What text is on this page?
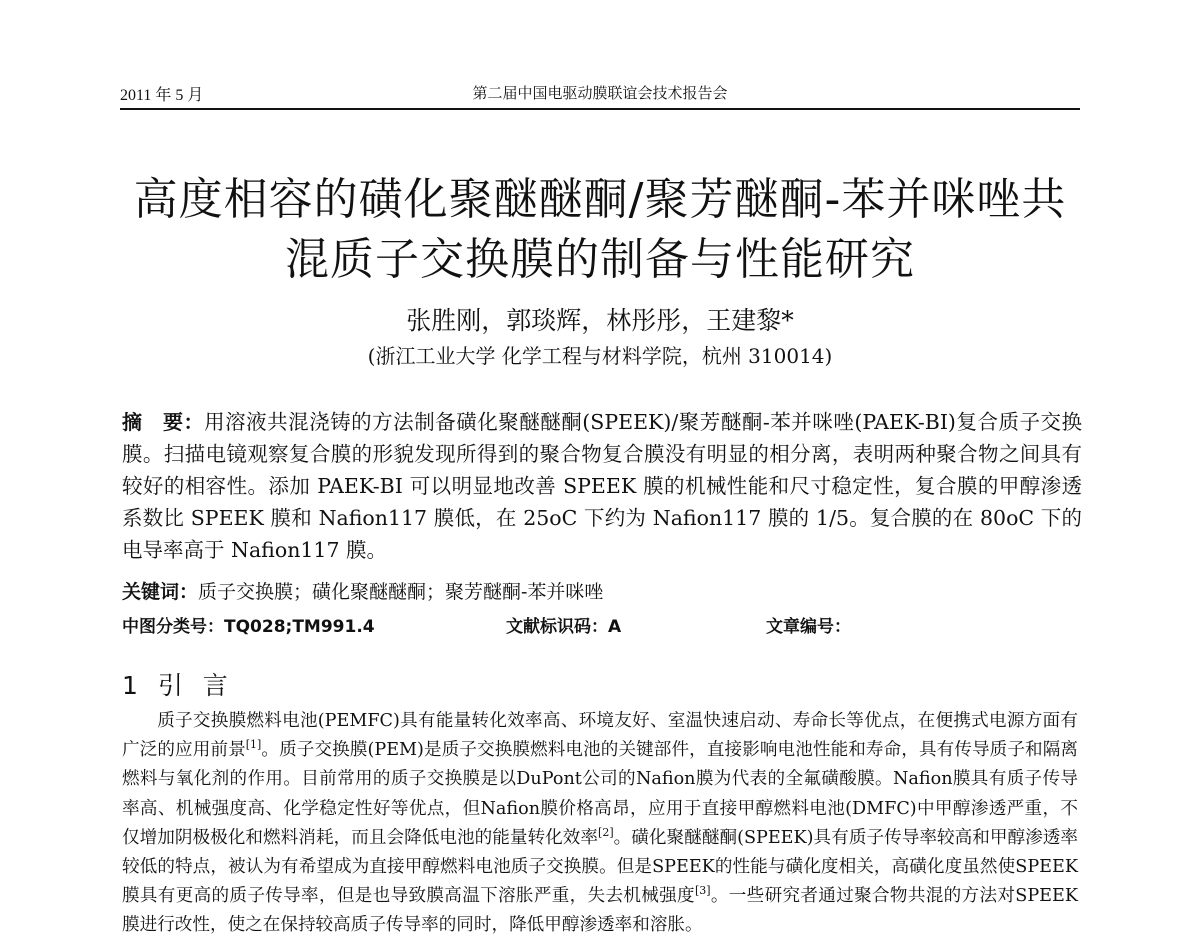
2011 年 5 月	第二届中国电驱动膜联谊会技术报告会
高度相容的磺化聚醚醚酮/聚芳醚酮-苯并咪唑共
混质子交换膜的制备与性能研究
张胜刚，郭琰辉，林彤彤，王建黎*
(浙江工业大学 化学工程与材料学院，杭州 310014)
摘　要：用溶液共混浇铸的方法制备磺化聚醚醚酮(SPEEK)/聚芳醚酮-苯并咪唑(PAEK-BI)复合质子交换膜。扫描电镜观察复合膜的形貌发现所得到的聚合物复合膜没有明显的相分离，表明两种聚合物之间具有较好的相容性。添加 PAEK-BI 可以明显地改善 SPEEK 膜的机械性能和尺寸稳定性，复合膜的甲醇渗透系数比 SPEEK 膜和 Nafion117 膜低，在 25oC 下约为 Nafion117 膜的 1/5。复合膜的在 80oC 下的电导率高于 Nafion117 膜。
关键词：质子交换膜；磺化聚醚醚酮；聚芳醚酮-苯并咪唑
中图分类号：TQ028;TM991.4	文献标识码：A	文章编号：
1 引 言

质子交换膜燃料电池(PEMFC)具有能量转化效率高、环境友好、室温快速启动、寿命长等优点，在便携式电源方面有广泛的应用前景[1]。质子交换膜(PEM)是质子交换膜燃料电池的关键部件，直接影响电池性能和寿命，具有传导质子和隔离燃料与氧化剂的作用。目前常用的质子交换膜是以DuPont公司的Nafion膜为代表的全氟磺酸膜。Nafion膜具有质子传导率高、机械强度高、化学稳定性好等优点，但Nafion膜价格高昂，应用于直接甲醇燃料电池(DMFC)中甲醇渗透严重，不仅增加阴极极化和燃料消耗，而且会降低电池的能量转化效率[2]。磺化聚醚醚酮(SPEEK)具有质子传导率较高和甲醇渗透率较低的特点，被认为有希望成为直接甲醇燃料电池质子交换膜。但是SPEEK的性能与磺化度相关，高磺化度虽然使SPEEK膜具有更高的质子传导率，但是也导致膜高温下溶胀严重，失去机械强度[3]。一些研究者通过聚合物共混的方法对SPEEK膜进行改性，使之在保持较高质子传导率的同时，降低甲醇渗透率和溶胀。
